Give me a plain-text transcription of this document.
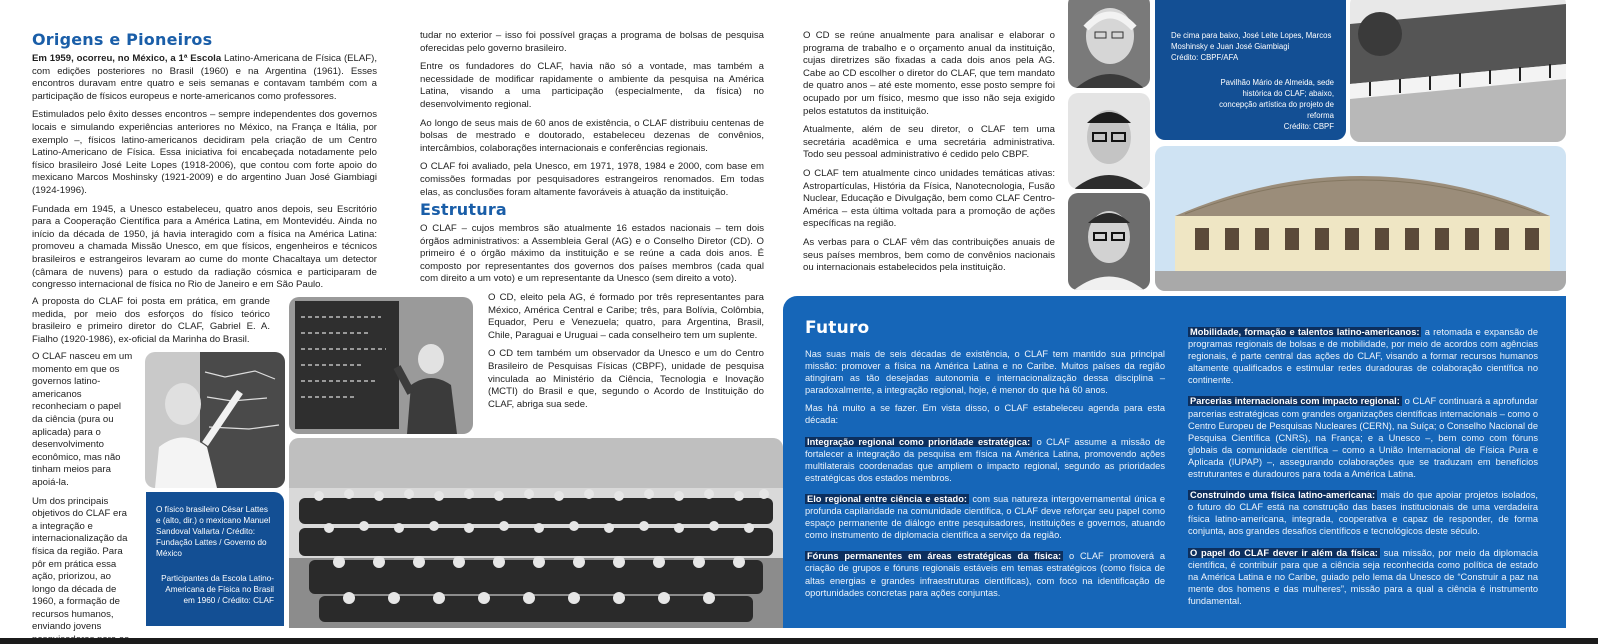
Origens e Pioneiros

Em 1959, ocorreu, no México, a 1ª Escola Latino-Americana de Física (ELAF), com edições posteriores no Brasil (1960) e na Argentina (1961). Esses encontros duravam entre quatro e seis semanas e contavam também com a participação de físicos europeus e norte-americanos como professores.

Estimulados pelo êxito desses encontros – sempre independentes dos governos locais e simulando experiências anteriores no México, na França e Itália, por exemplo –, físicos latino-americanos decidiram pela criação de um Centro Latino-Americano de Física. Essa iniciativa foi encabeçada notadamente pelo físico brasileiro José Leite Lopes (1918-2006), que contou com forte apoio do mexicano Marcos Moshinsky (1921-2009) e do argentino Juan José Giambiagi (1924-1996).

Fundada em 1945, a Unesco estabeleceu, quatro anos depois, seu Escritório para a Cooperação Científica para a América Latina, em Montevidéu. Ainda no início da década de 1950, já havia interagido com a física na América Latina: promoveu a chamada Missão Unesco, em que físicos, engenheiros e técnicos brasileiros e estrangeiros levaram ao cume do monte Chacaltaya um detector (câmara de nuvens) para o estudo da radiação cósmica e participaram de congresso internacional de física no Rio de Janeiro e em São Paulo.

A proposta do CLAF foi posta em prática, em grande medida, por meio dos esforços do físico teórico brasileiro e primeiro diretor do CLAF, Gabriel E. A. Fialho (1920-1986), ex-oficial da Marinha do Brasil.

O CLAF nasceu em um momento em que os governos latino-americanos reconheciam o papel da ciência (pura ou aplicada) para o desenvolvimento econômico, mas não tinham meios para apoiá-la.

Um dos principais objetivos do CLAF era a integração e internacionalização da física da região. Para pôr em prática essa ação, priorizou, ao longo da década de 1960, a formação de recursos humanos, enviando jovens

O físico brasileiro César Lattes e (alto, dir.) o mexicano Manuel Sandoval Vallarta / Crédito: Fundação Lattes / Governo do México
Participantes da Escola Latino-Americana de Física no Brasil em 1960 / Crédito: CLAF

tudar no exterior – isso foi possível graças a programa de bolsas de pesquisa oferecidas pelo governo brasileiro.

Entre os fundadores do CLAF, havia não só a vontade, mas também a necessidade de modificar rapidamente o ambiente da pesquisa na América Latina, visando a uma participação (especialmente, da física) no desenvolvimento regional.

Ao longo de seus mais de 60 anos de existência, o CLAF distribuiu centenas de bolsas de mestrado e doutorado, estabeleceu dezenas de convênios, intercâmbios, colaborações internacionais e conferências regionais.

O CLAF foi avaliado, pela Unesco, em 1971, 1978, 1984 e 2000, com base em comissões formadas por pesquisadores estrangeiros renomados. Em todas elas, as conclusões foram altamente favoráveis à atuação da instituição.

Estrutura

O CLAF – cujos membros são atualmente 16 estados nacionais – tem dois órgãos administrativos: a Assembleia Geral (AG) e o Conselho Diretor (CD). O primeiro é o órgão máximo da instituição e se reúne a cada dois anos. É composto por representantes dos governos dos países membros (cada qual com direito a um voto) e um representante da Unesco (sem direito a voto).

O CD, eleito pela AG, é formado por três representantes para México, América Central e Caribe; três, para Bolívia, Colômbia, Equador, Peru e Venezuela; quatro, para Argentina, Brasil, Chile, Paraguai e Uruguai – cada conselheiro tem um suplente.

O CD tem também um observador da Unesco e um do Centro Brasileiro de Pesquisas Físicas (CBPF), unidade de pesquisa vinculada ao Ministério da Ciência, Tecnologia e Inovação (MCTI) do Brasil e que, segundo o Acordo de Instituição do CLAF, abriga sua sede.

O CD se reúne anualmente para analisar e elaborar o programa de trabalho e o orçamento anual da instituição, cujas diretrizes são fixadas a cada dois anos pela AG. Cabe ao CD escolher o diretor do CLAF, que tem mandato de quatro anos – até este momento, esse posto sempre foi ocupado por um físico, mesmo que isso não seja exigido pelos estatutos da instituição.

Atualmente, além de seu diretor, o CLAF tem uma secretária acadêmica e uma secretária administrativa. Todo seu pessoal administrativo é cedido pelo CBPF.

O CLAF tem atualmente cinco unidades temáticas ativas: Astropartículas, História da Física, Nanotecnologia, Fusão Nuclear, Educação e Divulgação, bem como CLAF Centro-América – esta última voltada para a promoção de ações específicas na região.

As verbas para o CLAF vêm das contribuições anuais de seus países membros, bem como de convênios nacionais ou internacionais estabelecidos pela instituição.

De cima para baixo, José Leite Lopes, Marcos Moshinsky e Juan José Giambiagi
Crédito: CBPF/AFA
Pavilhão Mário de Almeida, sede histórica do CLAF; abaixo, concepção artística do projeto de reforma
Crédito: CBPF
Futuro

Nas suas mais de seis décadas de existência, o CLAF tem mantido sua principal missão: promover a física na América Latina e no Caribe. Muitos países da região atingiram as tão desejadas autonomia e internacionalização dessa disciplina – paradoxalmente, a integração regional, hoje, é menor do que há 60 anos.

Mas há muito a se fazer. Em vista disso, o CLAF estabeleceu agenda para esta década:

Integração regional como prioridade estratégica: o CLAF assume a missão de fortalecer a integração da pesquisa em física na América Latina, promovendo ações multilaterais coordenadas que ampliem o impacto regional, segundo as prioridades estratégicas dos estados membros.

Elo regional entre ciência e estado: com sua natureza intergovernamental única e profunda capilaridade na comunidade científica, o CLAF deve reforçar seu papel como espaço permanente de diálogo entre pesquisadores, instituições e governos, atuando como instrumento de diplomacia científica a serviço da região.

Fóruns permanentes em áreas estratégicas da física: o CLAF promoverá a criação de grupos e fóruns regionais estáveis em temas estratégicos (como física de altas energias e grandes infraestruturas científicas), com foco na identificação de oportunidades concretas para ações conjuntas.

Mobilidade, formação e talentos latino-americanos: a retomada e expansão de programas regionais de bolsas e de mobilidade, por meio de acordos com agências regionais, é parte central das ações do CLAF, visando a formar recursos humanos altamente qualificados e estimular redes duradouras de colaboração científica no continente.

Parcerias internacionais com impacto regional: o CLAF continuará a aprofundar parcerias estratégicas com grandes organizações científicas internacionais – como o Centro Europeu de Pesquisas Nucleares (CERN), na Suíça; o Conselho Nacional de Pesquisa Científica (CNRS), na França; e a Unesco –, bem como com fóruns globais da comunidade científica – como a União Internacional de Física Pura e Aplicada (IUPAP) –, assegurando colaborações que se traduzam em benefícios estruturantes e duradouros para toda a América Latina.

Construindo uma física latino-americana: mais do que apoiar projetos isolados, o futuro do CLAF está na construção das bases institucionais de uma verdadeira física latino-americana, integrada, cooperativa e capaz de responder, de forma conjunta, aos grandes desafios científicos e tecnológicos deste século.

O papel do CLAF dever ir além da física: sua missão, por meio da diplomacia científica, é contribuir para que a ciência seja reconhecida como política de estado na América Latina e no Caribe, guiado pelo lema da Unesco de “Construir a paz na mente dos homens e das mulheres”, missão para a qual a ciência é instrumento fundamental.
